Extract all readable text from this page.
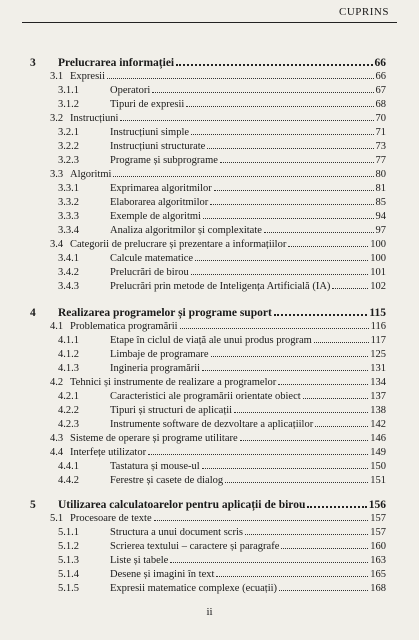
CUPRINS
3	Prelucrarea informației	66
3.1 Expresii	66
3.1.1	Operatori	67
3.1.2	Tipuri de expresii	68
3.2 Instrucțiuni	70
3.2.1	Instrucțiuni simple	71
3.2.2	Instrucțiuni structurate	73
3.2.3	Programe și subprograme	77
3.3 Algoritmi	80
3.3.1	Exprimarea algoritmilor	81
3.3.2	Elaborarea algoritmilor	85
3.3.3	Exemple de algoritmi	94
3.3.4	Analiza algoritmilor și complexitate	97
3.4 Categorii de prelucrare și prezentare a informațiilor	100
3.4.1	Calcule matematice	100
3.4.2	Prelucrări de birou	101
3.4.3	Prelucrări prin metode de Inteligența Artificială (IA)	102
4	Realizarea programelor și programe suport	115
4.1 Problematica programării	116
4.1.1	Etape în ciclul de viață ale unui produs program	117
4.1.2	Limbaje de programare	125
4.1.3	Ingineria programării	131
4.2 Tehnici și instrumente de realizare a programelor	134
4.2.1	Caracteristici ale programării orientate obiect	137
4.2.2	Tipuri și structuri de aplicații	138
4.2.3	Instrumente software de dezvoltare a aplicațiilor	142
4.3 Sisteme de operare și programe utilitare	146
4.4 Interfețe utilizator	149
4.4.1	Tastatura și mouse-ul	150
4.4.2	Ferestre și casete de dialog	151
5	Utilizarea calculatoarelor pentru aplicații de birou	156
5.1 Procesoare de texte	157
5.1.1	Structura a unui document scris	157
5.1.2	Scrierea textului – caractere și paragrafe	160
5.1.3	Liste și tabele	163
5.1.4	Desene și imagini în text	165
5.1.5	Expresii matematice complexe (ecuații)	168
ii
